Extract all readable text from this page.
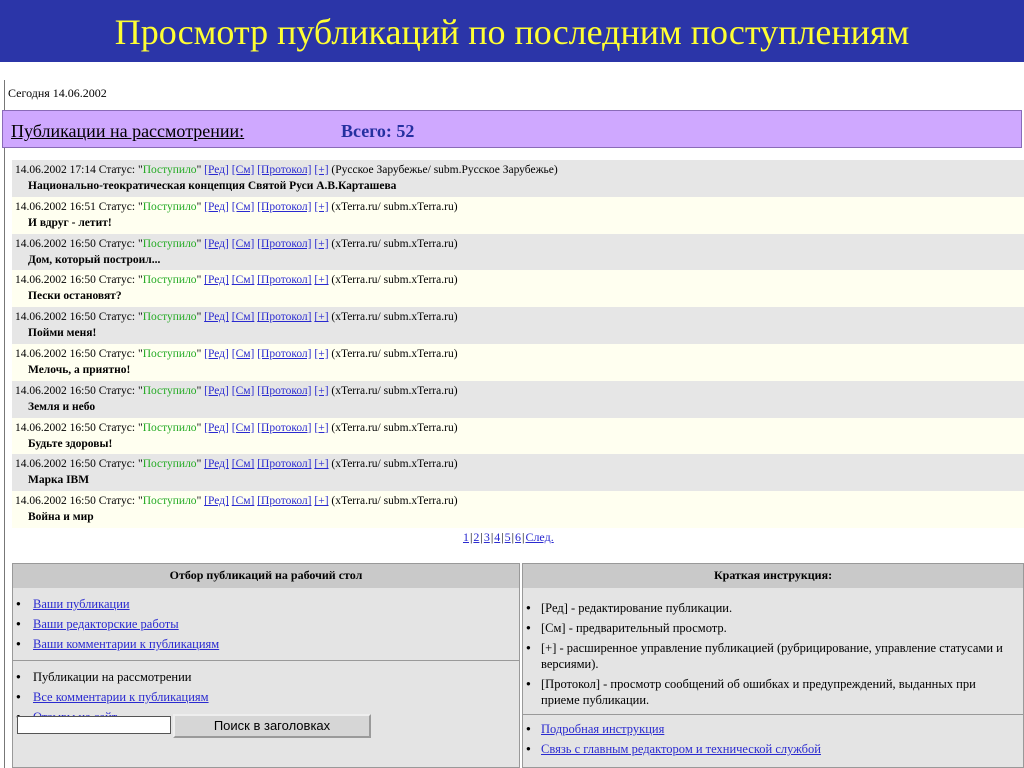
Просмотр публикаций по последним поступлениям
Сегодня 14.06.2002
Публикации на рассмотрении:	Всего: 52
14.06.2002 17:14 Статус: "Поступило" [Ред] [См] [Протокол] [+] (Русское Зарубежье/ subm.Русское Зарубежье)
Национально-теократическая концепция Святой Руси А.В.Карташева
14.06.2002 16:51 Статус: "Поступило" [Ред] [См] [Протокол] [+] (xTerra.ru/ subm.xTerra.ru)
И вдруг - летит!
14.06.2002 16:50 Статус: "Поступило" [Ред] [См] [Протокол] [+] (xTerra.ru/ subm.xTerra.ru)
Дом, который построил...
14.06.2002 16:50 Статус: "Поступило" [Ред] [См] [Протокол] [+] (xTerra.ru/ subm.xTerra.ru)
Пески остановят?
14.06.2002 16:50 Статус: "Поступило" [Ред] [См] [Протокол] [+] (xTerra.ru/ subm.xTerra.ru)
Пойми меня!
14.06.2002 16:50 Статус: "Поступило" [Ред] [См] [Протокол] [+] (xTerra.ru/ subm.xTerra.ru)
Мелочь, а приятно!
14.06.2002 16:50 Статус: "Поступило" [Ред] [См] [Протокол] [+] (xTerra.ru/ subm.xTerra.ru)
Земля и небо
14.06.2002 16:50 Статус: "Поступило" [Ред] [См] [Протокол] [+] (xTerra.ru/ subm.xTerra.ru)
Будьте здоровы!
14.06.2002 16:50 Статус: "Поступило" [Ред] [См] [Протокол] [+] (xTerra.ru/ subm.xTerra.ru)
Марка IBM
14.06.2002 16:50 Статус: "Поступило" [Ред] [См] [Протокол] [+] (xTerra.ru/ subm.xTerra.ru)
Война и мир
1|2|3|4|5|6|След.
Отбор публикаций на рабочий стол
● Ваши публикации
● Ваши редакторские работы
● Ваши комментарии к публикациям
● Публикации на рассмотрении
● Все комментарии к публикациям
●
Поиск в заголовках
Краткая инструкция:
● [Ред] - редактирование публикации.
● [См] - предварительный просмотр.
● [+] - расширенное управление публикацией (рубрицирование, управление статусами и версиями).
● [Протокол] - просмотр сообщений об ошибках и предупреждений, выданных при приеме публикации.
● Подробная инструкция
● Связь с главным редактором и технической службой
